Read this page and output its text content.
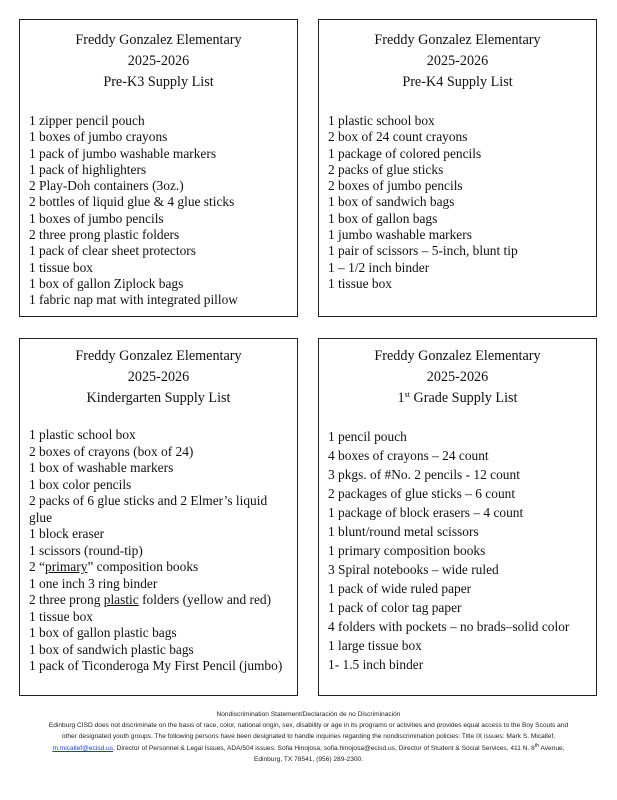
Freddy Gonzalez Elementary
2025-2026
Pre-K3 Supply List
1 zipper pencil pouch
1 boxes of jumbo crayons
1 pack of jumbo washable markers
1 pack of highlighters
2 Play-Doh containers (3oz.)
2 bottles of liquid glue & 4 glue sticks
1 boxes of jumbo pencils
2 three prong plastic folders
1 pack of clear sheet protectors
1 tissue box
1 box of gallon Ziplock bags
1 fabric nap mat with integrated pillow
Freddy Gonzalez Elementary
2025-2026
Pre-K4 Supply List
1 plastic school box
2 box of 24 count crayons
1 package of colored pencils
2 packs of glue sticks
2 boxes of jumbo pencils
1 box of sandwich bags
1 box of gallon bags
1 jumbo washable markers
1 pair of scissors – 5-inch, blunt tip
1 – 1/2 inch binder
1 tissue box
Freddy Gonzalez Elementary
2025-2026
Kindergarten Supply List
1 plastic school box
2 boxes of crayons (box of 24)
1 box of washable markers
1 box color pencils
2 packs of 6 glue sticks and 2 Elmer’s liquid glue
1 block eraser
1 scissors (round-tip)
2 “primary” composition books
1 one inch 3 ring binder
2 three prong plastic folders (yellow and red)
1 tissue box
1 box of gallon plastic bags
1 box of sandwich plastic bags
1 pack of Ticonderoga My First Pencil (jumbo)
Freddy Gonzalez Elementary
2025-2026
1st Grade Supply List
1 pencil pouch
4 boxes of crayons – 24 count
3 pkgs. of #No. 2 pencils - 12 count
2 packages of glue sticks – 6 count
1 package of block erasers – 4 count
1 blunt/round metal scissors
1 primary composition books
3 Spiral notebooks – wide ruled
1 pack of wide ruled paper
1 pack of color tag paper
4 folders with pockets – no brads–solid color
1 large tissue box
1- 1.5 inch binder
Nondiscrimination Statement/Declaración de no Discriminación
Edinburg CISD does not discriminate on the basis of race, color, national origin, sex, disability or age in its programs or activities and provides equal access to the Boy Scouts and
other designated youth groups. The following persons have been designated to handle inquiries regarding the nondiscrimination policies: Title IX issues: Mark S. Micallef,
m.micallef@ecisd.us, Director of Personnel & Legal Issues, ADA/504 issues: Sofia Hinojosa, sofia.hinojosa@ecisd.us, Director of Student & Social Services, 411 N. 8th Avenue,
Edinburg, TX 78541, (956) 289-2300.
